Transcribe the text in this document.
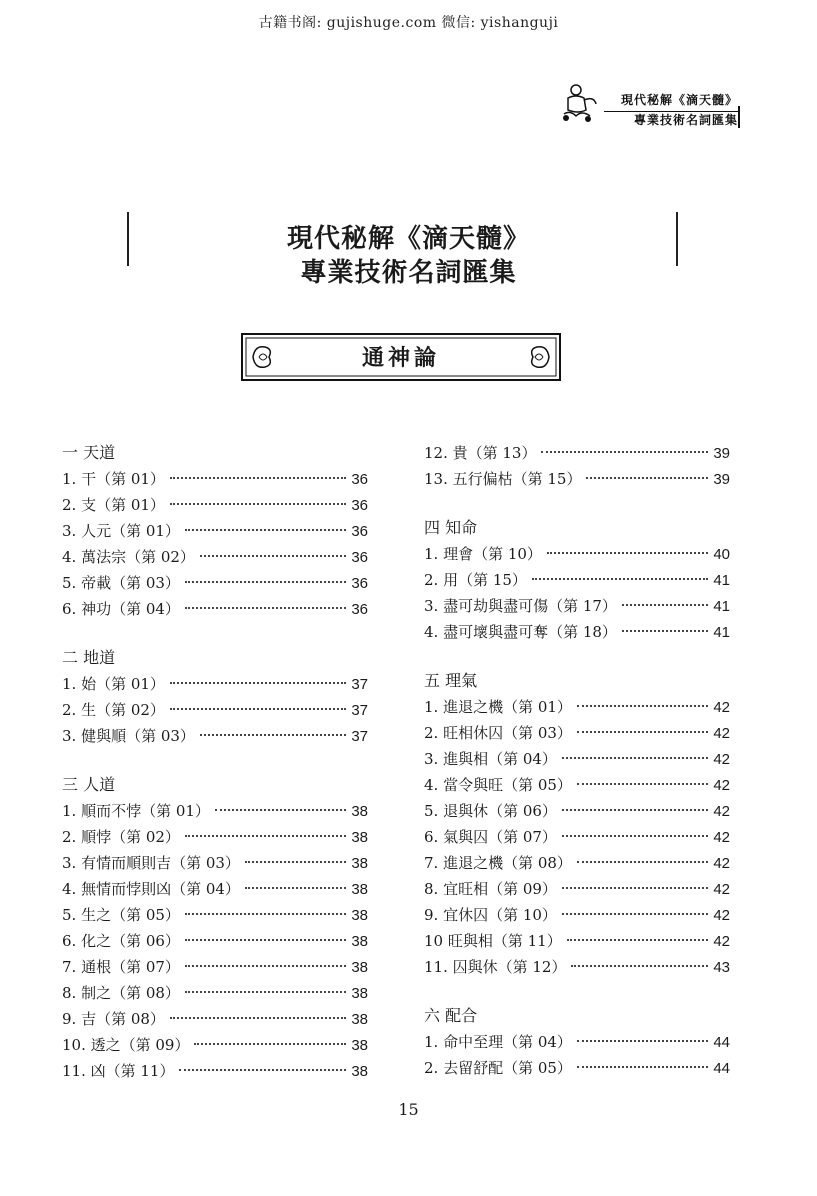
古籍书阁: gujishuge.com 微信: yishanguji
現代秘解《滴天髓》
專業技術名詞匯集
現代秘解《滴天髓》
專業技術名詞匯集
通神論
一 天道
1. 干（第 01）	36
2. 支（第 01）	36
3. 人元（第 01）	36
4. 萬法宗（第 02）	36
5. 帝載（第 03）	36
6. 神功（第 04）	36
二 地道
1. 始（第 01）	37
2. 生（第 02）	37
3. 健與順（第 03）	37
三 人道
1. 順而不悖（第 01）	38
2. 順悖（第 02）	38
3. 有情而順則吉（第 03）	38
4. 無情而悖則凶（第 04）	38
5. 生之（第 05）	38
6. 化之（第 06）	38
7. 通根（第 07）	38
8. 制之（第 08）	38
9. 吉（第 08）	38
10. 透之（第 09）	38
11. 凶（第 11）	38
12. 貴（第 13）	39
13. 五行偏枯（第 15）	39
四 知命
1. 理會（第 10）	40
2. 用（第 15）	41
3. 盡可劫與盡可傷（第 17）	41
4. 盡可壞與盡可奪（第 18）	41
五 理氣
1. 進退之機（第 01）	42
2. 旺相休囚（第 03）	42
3. 進與相（第 04）	42
4. 當令與旺（第 05）	42
5. 退與休（第 06）	42
6. 氣與囚（第 07）	42
7. 進退之機（第 08）	42
8. 宜旺相（第 09）	42
9. 宜休囚（第 10）	42
10 旺與相（第 11）	42
11. 囚與休（第 12）	43
六 配合
1. 命中至理（第 04）	44
2. 去留舒配（第 05）	44
15
